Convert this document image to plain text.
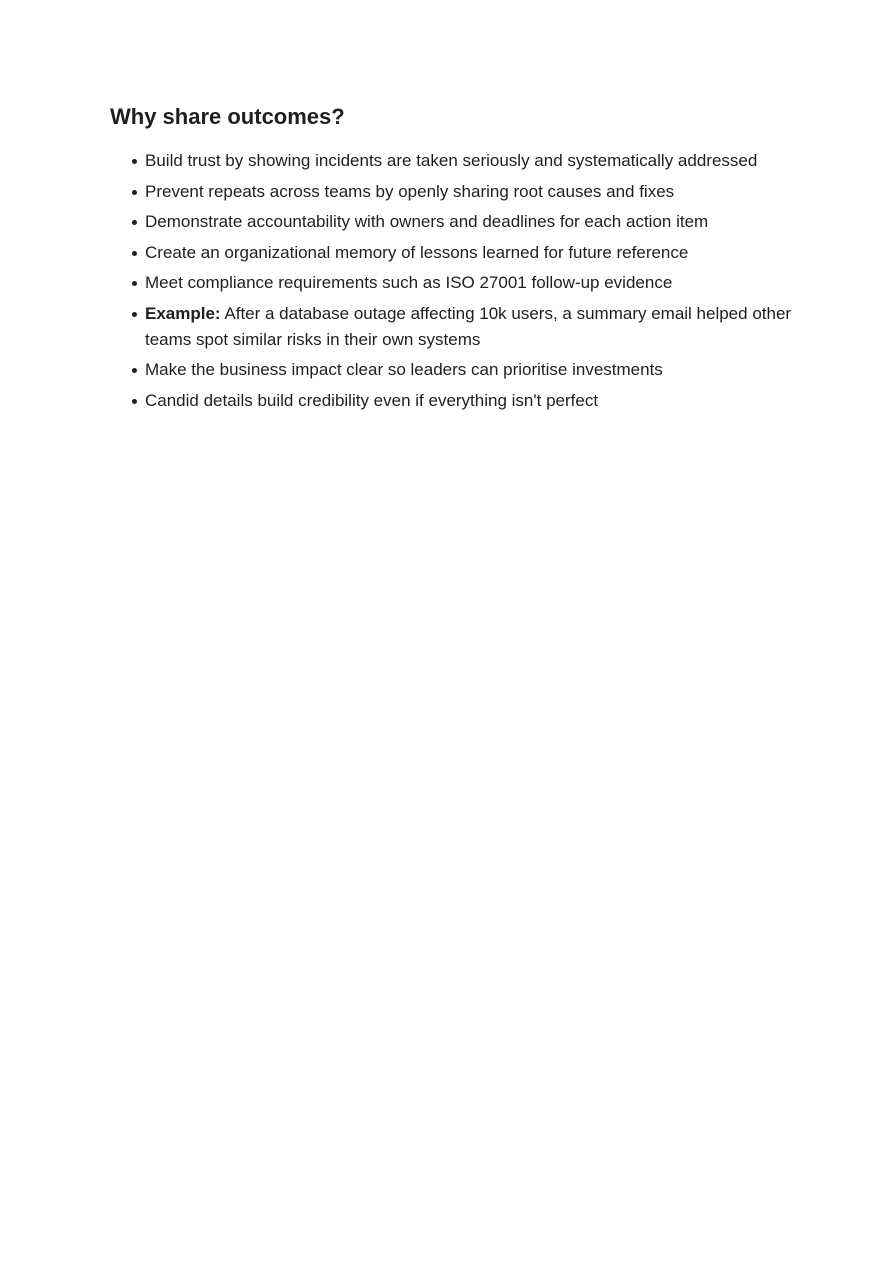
Why share outcomes?
Build trust by showing incidents are taken seriously and systematically addressed
Prevent repeats across teams by openly sharing root causes and fixes
Demonstrate accountability with owners and deadlines for each action item
Create an organizational memory of lessons learned for future reference
Meet compliance requirements such as ISO 27001 follow-up evidence
Example: After a database outage affecting 10k users, a summary email helped other teams spot similar risks in their own systems
Make the business impact clear so leaders can prioritise investments
Candid details build credibility even if everything isn't perfect
